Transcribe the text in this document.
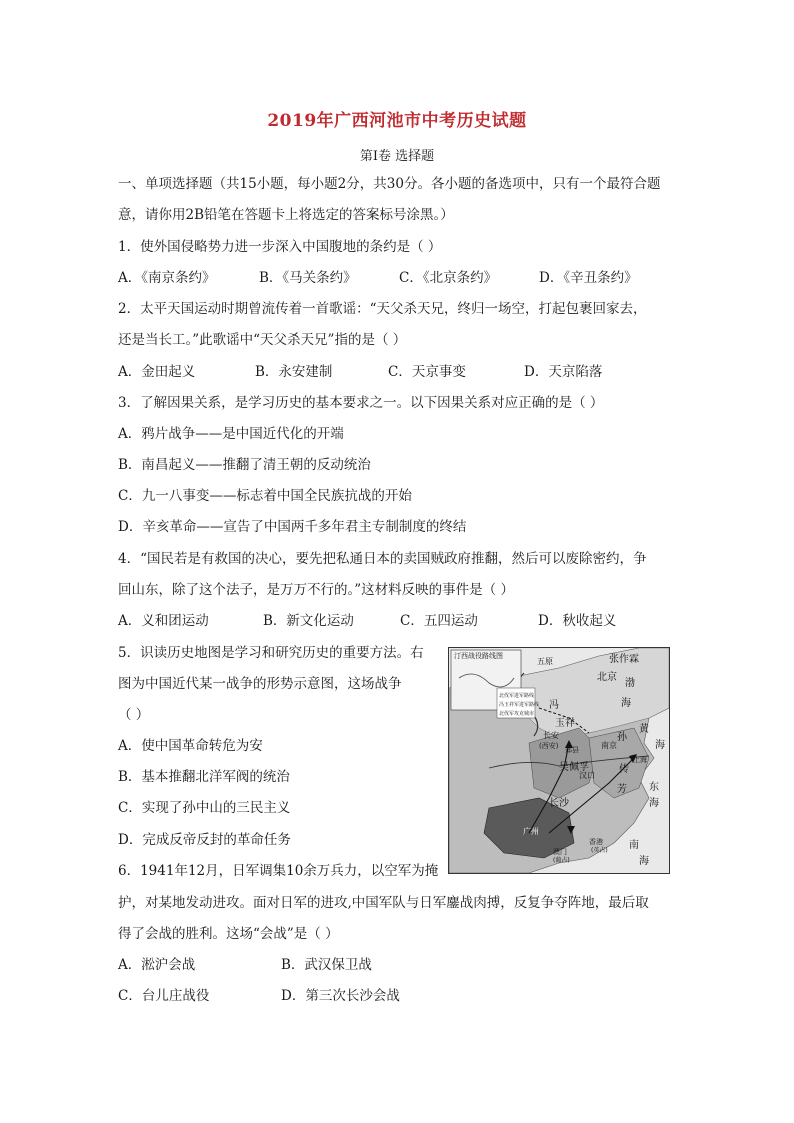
2019年广西河池市中考历史试题
第Ⅰ卷 选择题
一、单项选择题（共15小题，每小题2分，共30分。各小题的备选项中，只有一个最符合题
意，请你用2B铅笔在答题卡上将选定的答案标号涂黑。）
1．使外国侵略势力进一步深入中国腹地的条约是（ ）
A．《南京条约》	B．《马关条约》	C．《北京条约》	D．《辛丑条约》
2．太平天国运动时期曾流传着一首歌谣：“天父杀天兄，终归一场空，打起包裹回家去，
还是当长工。”此歌谣中“天父杀天兄”指的是（ ）
A．金田起义	B．永安建制	C．天京事变	D．天京陷落
3．了解因果关系，是学习历史的基本要求之一。以下因果关系对应正确的是（ ）
A．鸦片战争——是中国近代化的开端
B．南昌起义——推翻了清王朝的反动统治
C．九一八事变——标志着中国全民族抗战的开始
D．辛亥革命——宣告了中国两千多年君主专制制度的终结
4．“国民若是有救国的决心，要先把私通日本的卖国贼政府推翻，然后可以废除密约，争
回山东，除了这个法子，是万万不行的。”这材料反映的事件是（ ）
A．义和团运动	B．新文化运动	C．五四运动	D．秋收起义
5．识读历史地图是学习和研究历史的重要方法。右
图为中国近代某一战争的形势示意图，这场战争
（ ）
A．使中国革命转危为安
B．基本推翻北洋军阀的统治
C．实现了孙中山的三民主义
D．完成反帝反封的革命任务
汀西战役路线图
北伐军进军路线
冯玉祥军进军路线
北伐军攻克城市
五原	张作霖
北京
冯
玉祥
渤
海
黄
海
长安
(西安) 郑县
吴佩孚
南京
孙
传
芳
上海
汉口
长沙
东
海
广州
香港
(英占)
澳门
(葡占)
南
海
6．1941年12月，日军调集10余万兵力，以空军为掩
护，对某地发动进攻。面对日军的进攻,中国军队与日军鏖战肉搏，反复争夺阵地，最后取
得了会战的胜利。这场“会战”是（ ）
A．淞沪会战	B．武汉保卫战
C．台儿庄战役	D．第三次长沙会战
